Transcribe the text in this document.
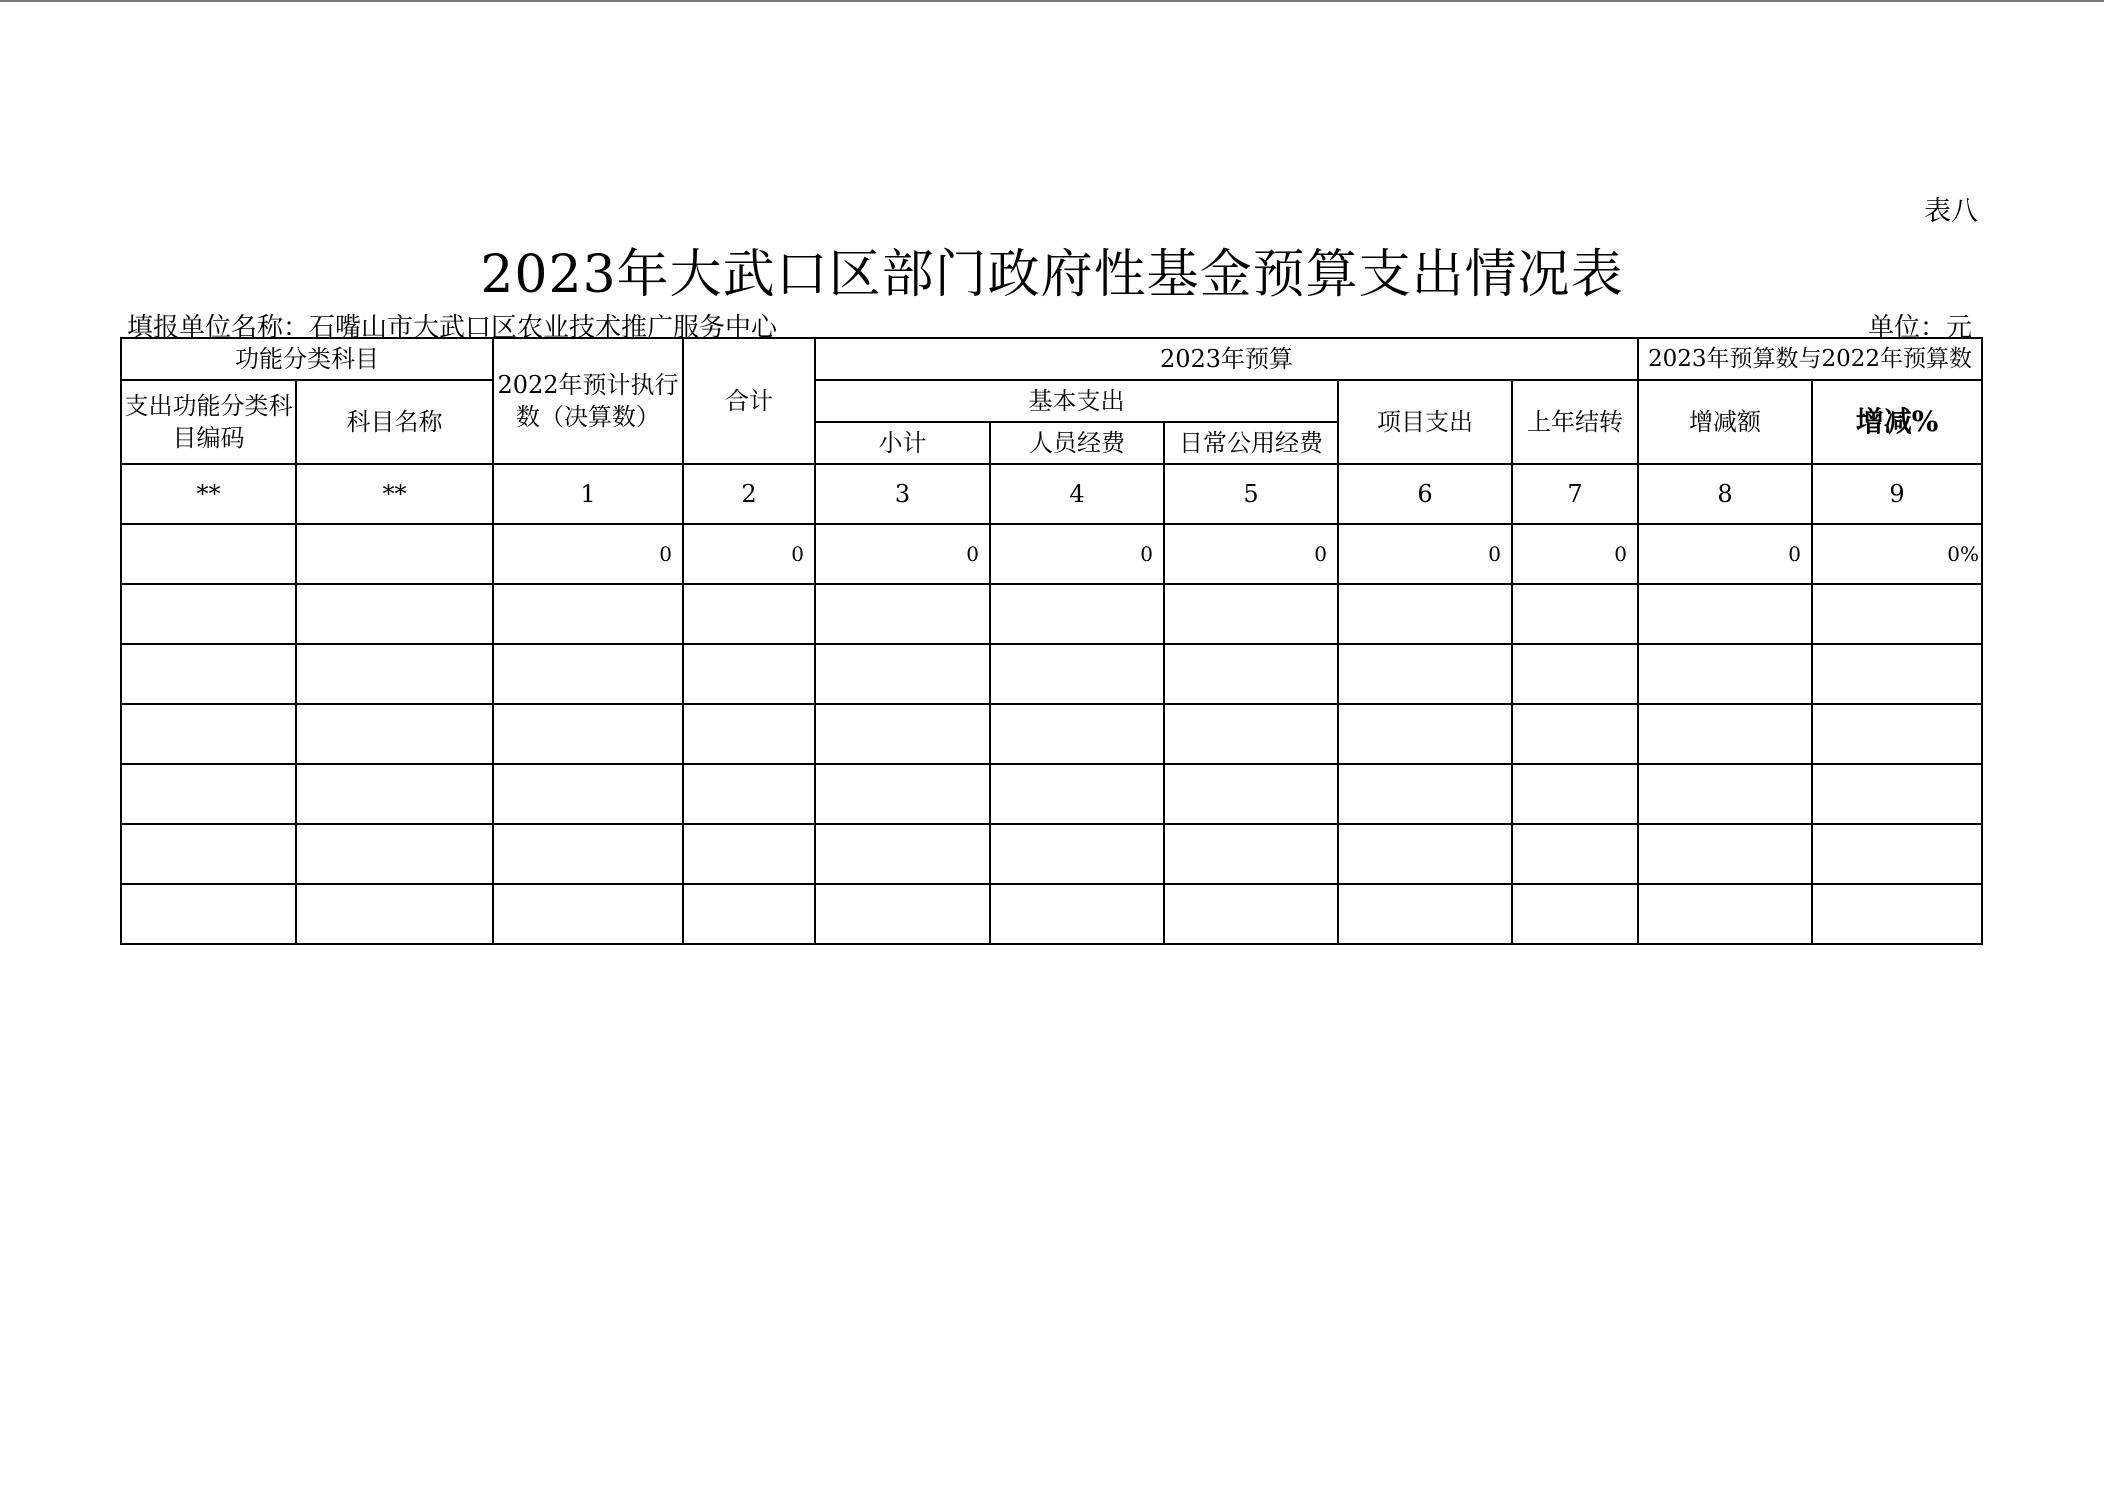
表八
2023年大武口区部门政府性基金预算支出情况表
填报单位名称：石嘴山市大武口区农业技术推广服务中心	单位：元
功能分类科目		2022年预计执行数（决算数）	合计	2023年预算					2023年预算数与2022年预算数	
支出功能分类科目编码	科目名称			基本支出			项目支出	上年结转	增减额	增减%
				小计	人员经费	日常公用经费				
**	**	1	2	3	4	5	6	7	8	9
		0	0	0	0	0	0	0	0	0%
